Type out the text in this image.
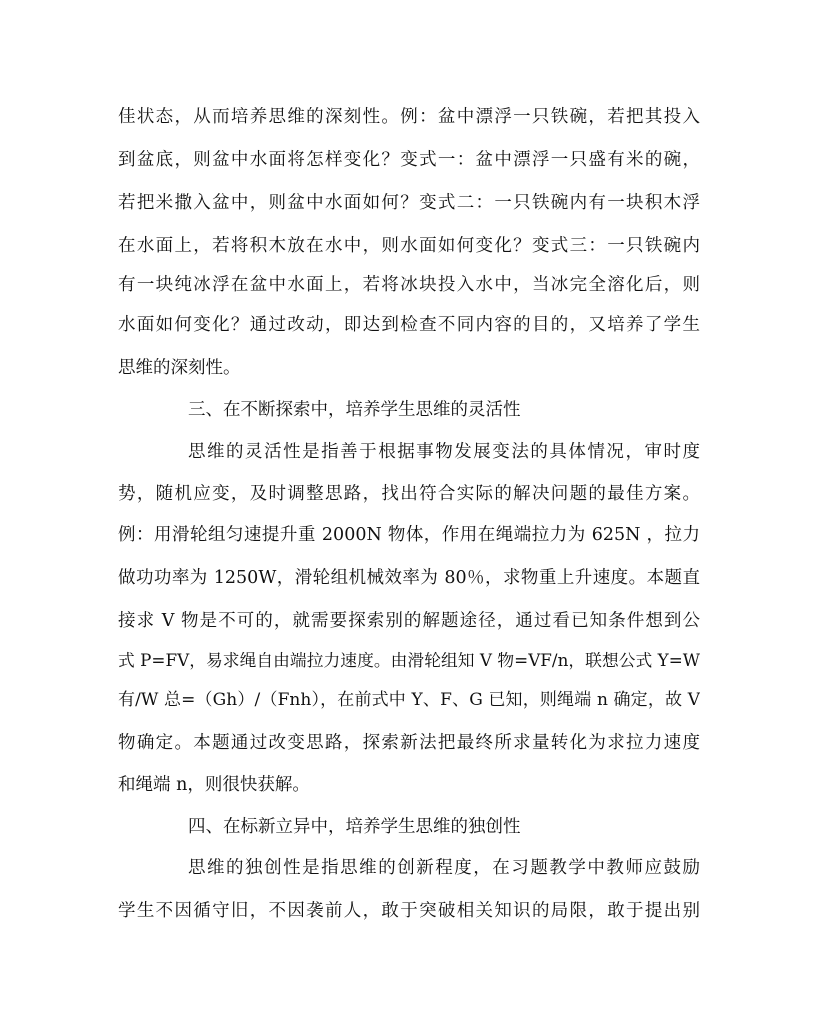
佳状态，从而培养思维的深刻性。例：盆中漂浮一只铁碗，若把其投入
到盆底，则盆中水面将怎样变化？变式一：盆中漂浮一只盛有米的碗，
若把米撒入盆中，则盆中水面如何？变式二：一只铁碗内有一块积木浮
在水面上，若将积木放在水中，则水面如何变化？变式三：一只铁碗内
有一块纯冰浮在盆中水面上，若将冰块投入水中，当冰完全溶化后，则
水面如何变化？通过改动，即达到检查不同内容的目的，又培养了学生
思维的深刻性。
三、在不断探索中，培养学生思维的灵活性
思维的灵活性是指善于根据事物发展变法的具体情况，审时度
势，随机应变，及时调整思路，找出符合实际的解决问题的最佳方案。
例：用滑轮组匀速提升重 2000N 物体，作用在绳端拉力为 625N ，拉力
做功功率为 1250W，滑轮组机械效率为 80％，求物重上升速度。本题直
接求 V 物是不可的，就需要探索别的解题途径，通过看已知条件想到公
式 P=FV，易求绳自由端拉力速度。由滑轮组知 V 物=VF/n，联想公式 Y=W
有/W 总=（Gh）/（Fnh），在前式中 Y、F、G 已知，则绳端 n 确定，故 V
物确定。本题通过改变思路，探索新法把最终所求量转化为求拉力速度
和绳端 n，则很快获解。
四、在标新立异中，培养学生思维的独创性
思维的独创性是指思维的创新程度，在习题教学中教师应鼓励
学生不因循守旧，不因袭前人，敢于突破相关知识的局限，敢于提出别
